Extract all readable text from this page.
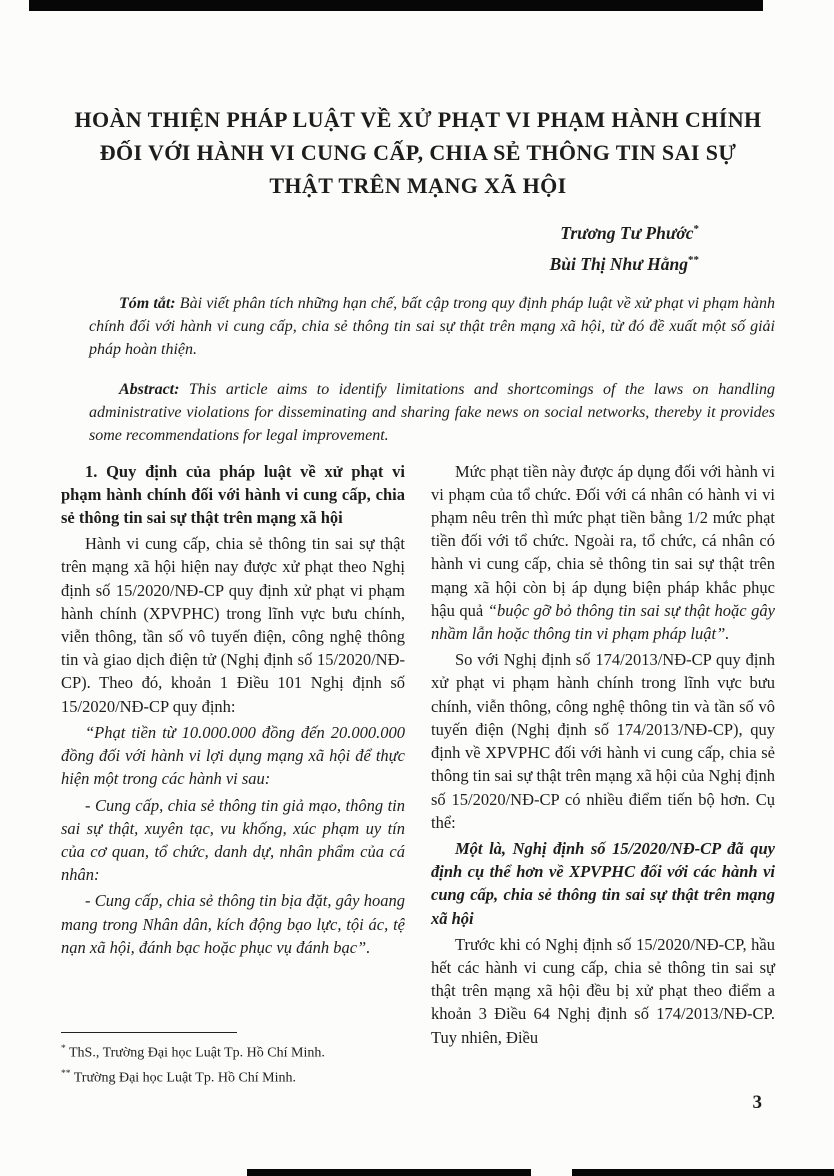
HOÀN THIỆN PHÁP LUẬT VỀ XỬ PHẠT VI PHẠM HÀNH CHÍNH ĐỐI VỚI HÀNH VI CUNG CẤP, CHIA SẺ THÔNG TIN SAI SỰ THẬT TRÊN MẠNG XÃ HỘI
Trương Tư Phước*
Bùi Thị Như Hằng**

Tóm tắt: Bài viết phân tích những hạn chế, bất cập trong quy định pháp luật về xử phạt vi phạm hành chính đối với hành vi cung cấp, chia sẻ thông tin sai sự thật trên mạng xã hội, từ đó đề xuất một số giải pháp hoàn thiện.

Abstract: This article aims to identify limitations and shortcomings of the laws on handling administrative violations for disseminating and sharing fake news on social networks, thereby it provides some recommendations for legal improvement.

1. Quy định của pháp luật về xử phạt vi phạm hành chính đối với hành vi cung cấp, chia sẻ thông tin sai sự thật trên mạng xã hội

Hành vi cung cấp, chia sẻ thông tin sai sự thật trên mạng xã hội hiện nay được xử phạt theo Nghị định số 15/2020/NĐ-CP quy định xử phạt vi phạm hành chính (XPVPHC) trong lĩnh vực bưu chính, viễn thông, tần số vô tuyến điện, công nghệ thông tin và giao dịch điện tử (Nghị định số 15/2020/NĐ-CP). Theo đó, khoản 1 Điều 101 Nghị định số 15/2020/NĐ-CP quy định:

“Phạt tiền từ 10.000.000 đồng đến 20.000.000 đồng đối với hành vi lợi dụng mạng xã hội để thực hiện một trong các hành vi sau:

- Cung cấp, chia sẻ thông tin giả mạo, thông tin sai sự thật, xuyên tạc, vu khống, xúc phạm uy tín của cơ quan, tổ chức, danh dự, nhân phẩm của cá nhân:

- Cung cấp, chia sẻ thông tin bịa đặt, gây hoang mang trong Nhân dân, kích động bạo lực, tội ác, tệ nạn xã hội, đánh bạc hoặc phục vụ đánh bạc”.

Mức phạt tiền này được áp dụng đối với hành vi vi phạm của tổ chức. Đối với cá nhân có hành vi vi phạm nêu trên thì mức phạt tiền bằng 1/2 mức phạt tiền đối với tổ chức. Ngoài ra, tổ chức, cá nhân có hành vi cung cấp, chia sẻ thông tin sai sự thật trên mạng xã hội còn bị áp dụng biện pháp khắc phục hậu quả “buộc gỡ bỏ thông tin sai sự thật hoặc gây nhầm lẫn hoặc thông tin vi phạm pháp luật”.

So với Nghị định số 174/2013/NĐ-CP quy định xử phạt vi phạm hành chính trong lĩnh vực bưu chính, viễn thông, công nghệ thông tin và tần số vô tuyến điện (Nghị định số 174/2013/NĐ-CP), quy định về XPVPHC đối với hành vi cung cấp, chia sẻ thông tin sai sự thật trên mạng xã hội của Nghị định số 15/2020/NĐ-CP có nhiều điểm tiến bộ hơn. Cụ thể:

Một là, Nghị định số 15/2020/NĐ-CP đã quy định cụ thể hơn về XPVPHC đối với các hành vi cung cấp, chia sẻ thông tin sai sự thật trên mạng xã hội

Trước khi có Nghị định số 15/2020/NĐ-CP, hầu hết các hành vi cung cấp, chia sẻ thông tin sai sự thật trên mạng xã hội đều bị xử phạt theo điểm a khoản 3 Điều 64 Nghị định số 174/2013/NĐ-CP. Tuy nhiên, Điều

* ThS., Trường Đại học Luật Tp. Hồ Chí Minh.
** Trường Đại học Luật Tp. Hồ Chí Minh.
3
